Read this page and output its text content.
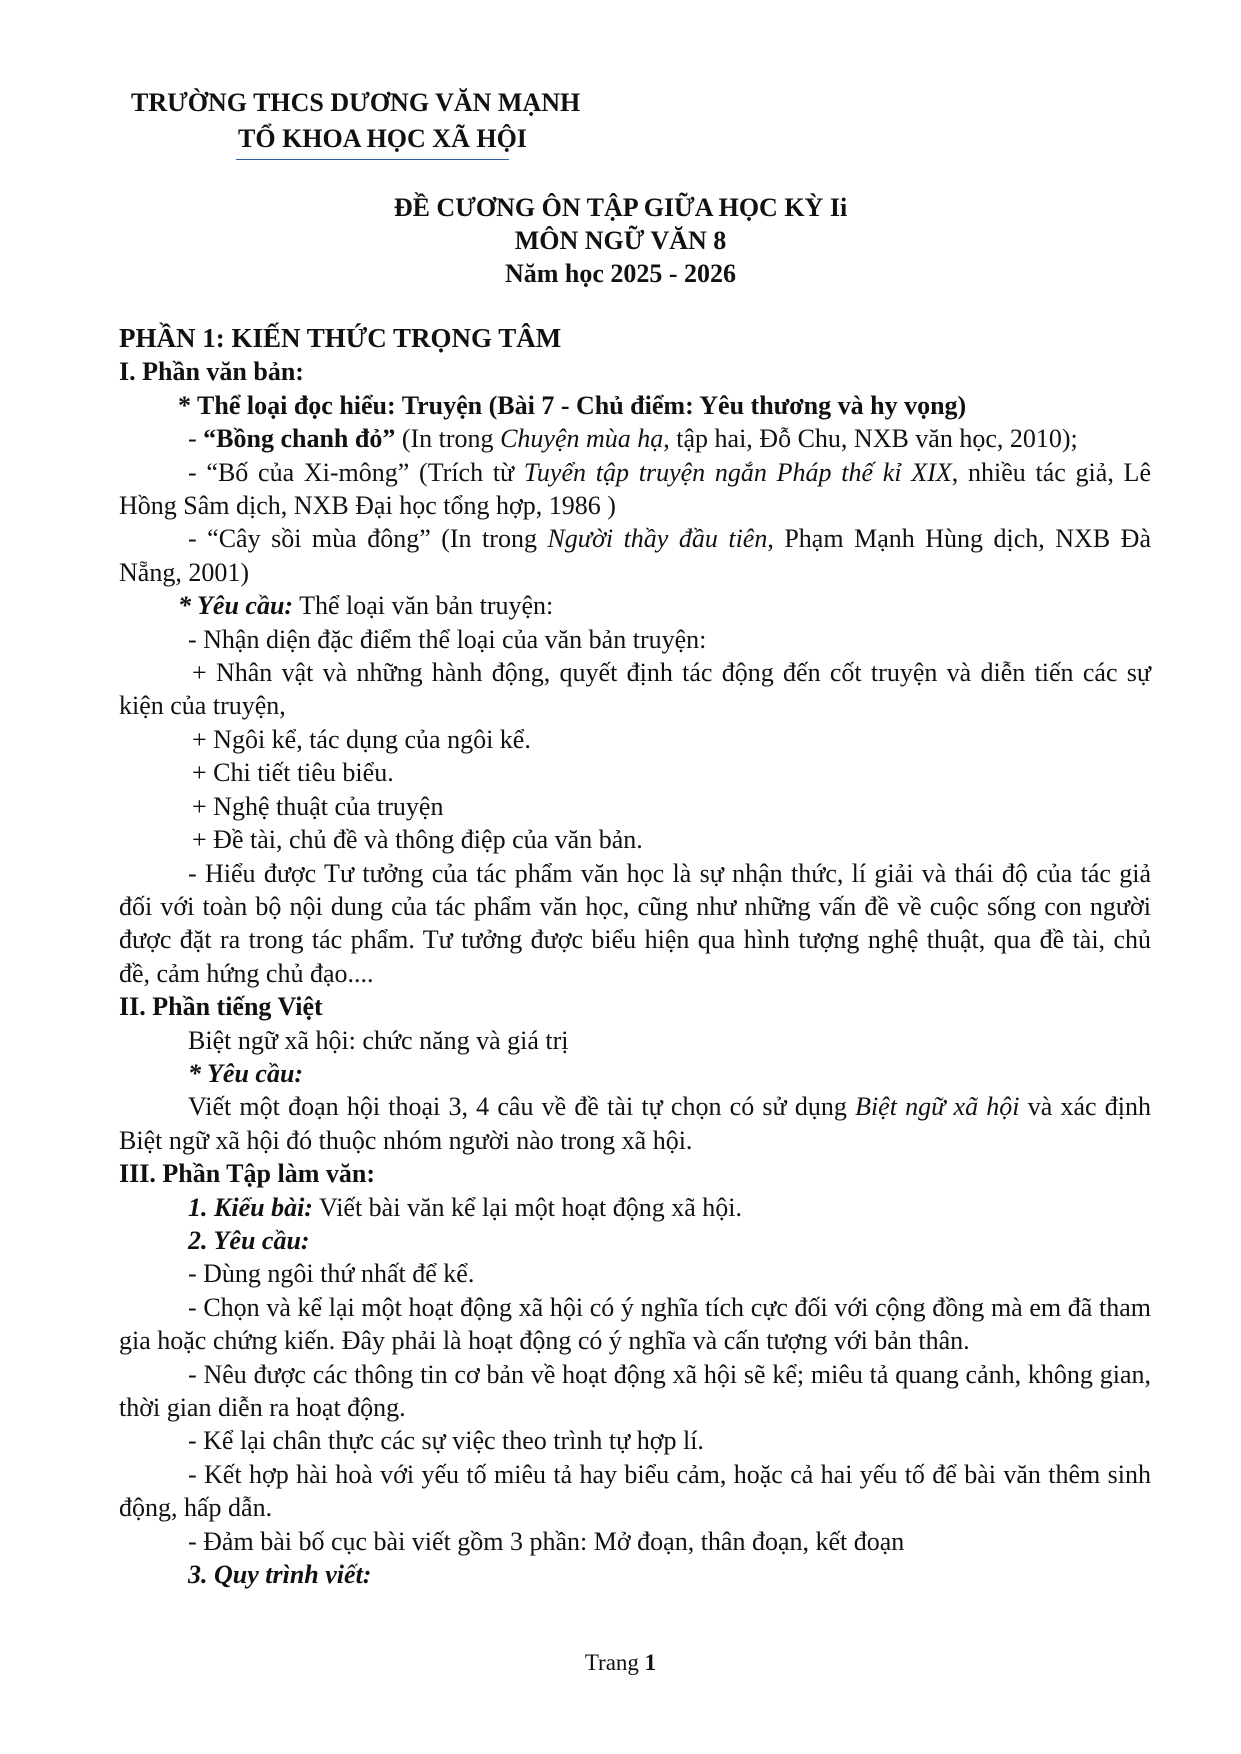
TRƯỜNG THCS DƯƠNG VĂN MẠNH
TỔ KHOA HỌC XÃ HỘI
ĐỀ CƯƠNG ÔN TẬP GIỮA HỌC KỲ Ii
MÔN NGỮ VĂN 8
Năm học 2025 - 2026

PHẦN 1: KIẾN THỨC TRỌNG TÂM

I. Phần văn bản:

* Thể loại đọc hiểu: Truyện (Bài 7 - Chủ điểm: Yêu thương và hy vọng)

- “Bồng chanh đỏ” (In trong Chuyện mùa hạ, tập hai, Đỗ Chu, NXB văn học, 2010);

- “Bố của Xi-mông” (Trích từ Tuyển tập truyện ngắn Pháp thế kỉ XIX, nhiều tác giả, Lê Hồng Sâm dịch, NXB Đại học tổng hợp, 1986 )

- “Cây sồi mùa đông” (In trong Người thầy đầu tiên, Phạm Mạnh Hùng dịch, NXB Đà Nẵng, 2001)

* Yêu cầu: Thể loại văn bản truyện:

- Nhận diện đặc điểm thể loại của văn bản truyện:

+ Nhân vật và những hành động, quyết định tác động đến cốt truyện và diễn tiến các sự kiện của truyện,

+ Ngôi kể, tác dụng của ngôi kể.

+ Chi tiết tiêu biểu.

+ Nghệ thuật của truyện

+ Đề tài, chủ đề và thông điệp của văn bản.

- Hiểu được Tư tưởng của tác phẩm văn học là sự nhận thức, lí giải và thái độ của tác giả đối với toàn bộ nội dung của tác phẩm văn học, cũng như những vấn đề về cuộc sống con người được đặt ra trong tác phẩm. Tư tưởng được biểu hiện qua hình tượng nghệ thuật, qua đề tài, chủ đề, cảm hứng chủ đạo....

II. Phần tiếng Việt

Biệt ngữ xã hội: chức năng và giá trị

* Yêu cầu:

Viết một đoạn hội thoại 3, 4 câu về đề tài tự chọn có sử dụng Biệt ngữ xã hội và xác định Biệt ngữ xã hội đó thuộc nhóm người nào trong xã hội.

III. Phần Tập làm văn:

1. Kiểu bài: Viết bài văn kể lại một hoạt động xã hội.

2. Yêu cầu:

- Dùng ngôi thứ nhất để kể.

- Chọn và kể lại một hoạt động xã hội có ý nghĩa tích cực đối với cộng đồng mà em đã tham gia hoặc chứng kiến. Đây phải là hoạt động có ý nghĩa và cấn tượng với bản thân.

- Nêu được các thông tin cơ bản về hoạt động xã hội sẽ kể; miêu tả quang cảnh, không gian, thời gian diễn ra hoạt động.

- Kể lại chân thực các sự việc theo trình tự hợp lí.

- Kết hợp hài hoà với yếu tố miêu tả hay biểu cảm, hoặc cả hai yếu tố để bài văn thêm sinh động, hấp dẫn.

- Đảm bài bố cục bài viết gồm 3 phần: Mở đoạn, thân đoạn, kết đoạn

3. Quy trình viết:

Trang 1
